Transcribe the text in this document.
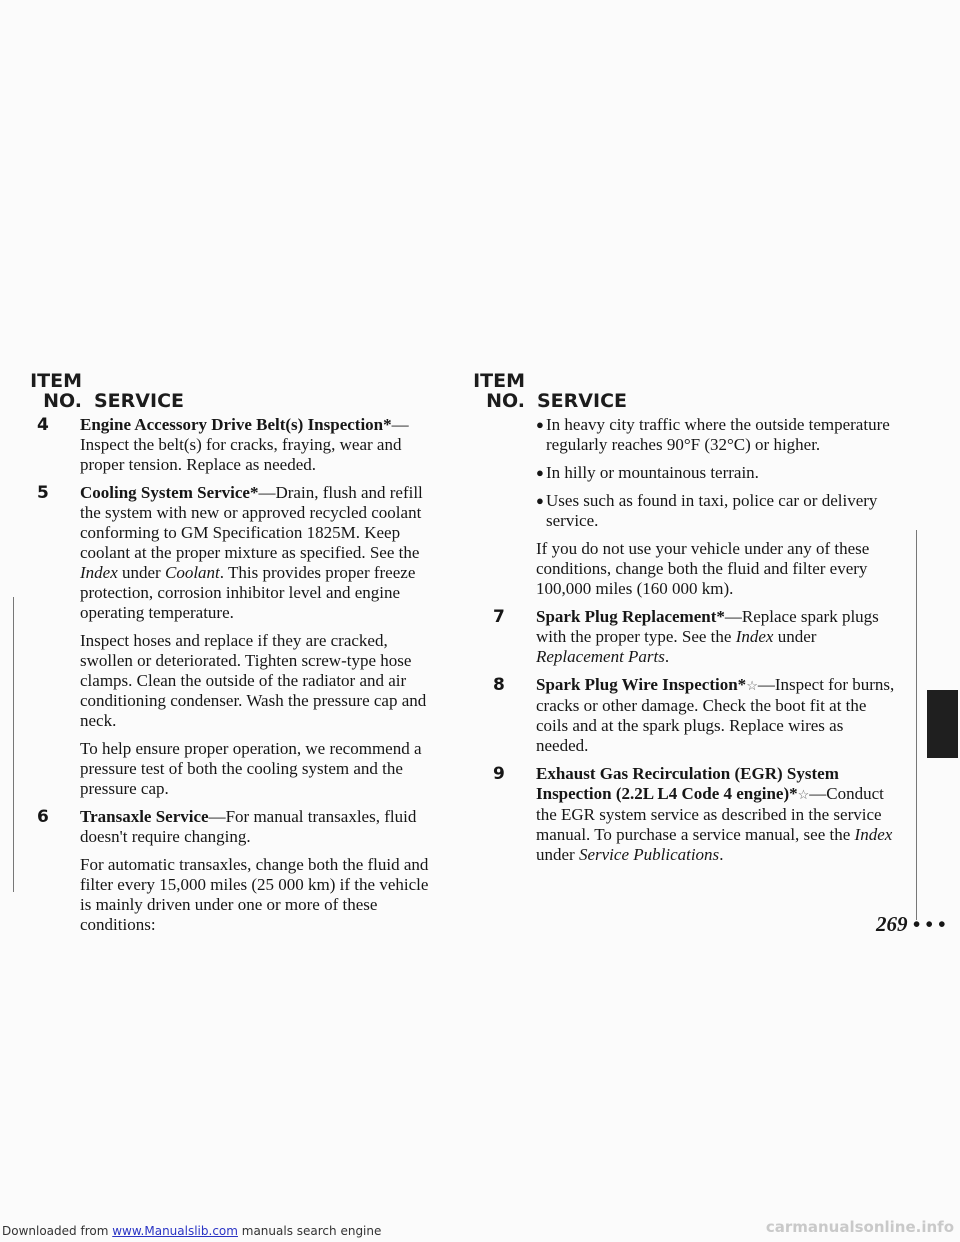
ITEM
NO. SERVICE
ITEM
NO. SERVICE
4 Engine Accessory Drive Belt(s) Inspection*—
Inspect the belt(s) for cracks, fraying, wear and proper tension. Replace as needed.

5 Cooling System Service*—Drain, flush and refill the system with new or approved recycled coolant conforming to GM Specification 1825M. Keep coolant at the proper mixture as specified. See the Index under Coolant. This provides proper freeze protection, corrosion inhibitor level and engine operating temperature.

Inspect hoses and replace if they are cracked, swollen or deteriorated. Tighten screw-type hose clamps. Clean the outside of the radiator and air conditioning condenser. Wash the pressure cap and neck.

To help ensure proper operation, we recommend a pressure test of both the cooling system and the pressure cap.

6 Transaxle Service—For manual transaxles, fluid doesn't require changing.

For automatic transaxles, change both the fluid and filter every 15,000 miles (25 000 km) if the vehicle is mainly driven under one or more of these conditions:

● In heavy city traffic where the outside temperature regularly reaches 90°F (32°C) or higher.
● In hilly or mountainous terrain.
● Uses such as found in taxi, police car or delivery service.

If you do not use your vehicle under any of these conditions, change both the fluid and filter every 100,000 miles (160 000 km).

7 Spark Plug Replacement*—Replace spark plugs with the proper type. See the Index under Replacement Parts.

8 Spark Plug Wire Inspection*☆—Inspect for burns, cracks or other damage. Check the boot fit at the coils and at the spark plugs. Replace wires as needed.

9 Exhaust Gas Recirculation (EGR) System Inspection (2.2L L4 Code 4 engine)*☆—Conduct the EGR system service as described in the service manual. To purchase a service manual, see the Index under Service Publications.

269 • • •
Downloaded from www.Manualslib.com manuals search engine	carmanualsonline.info
